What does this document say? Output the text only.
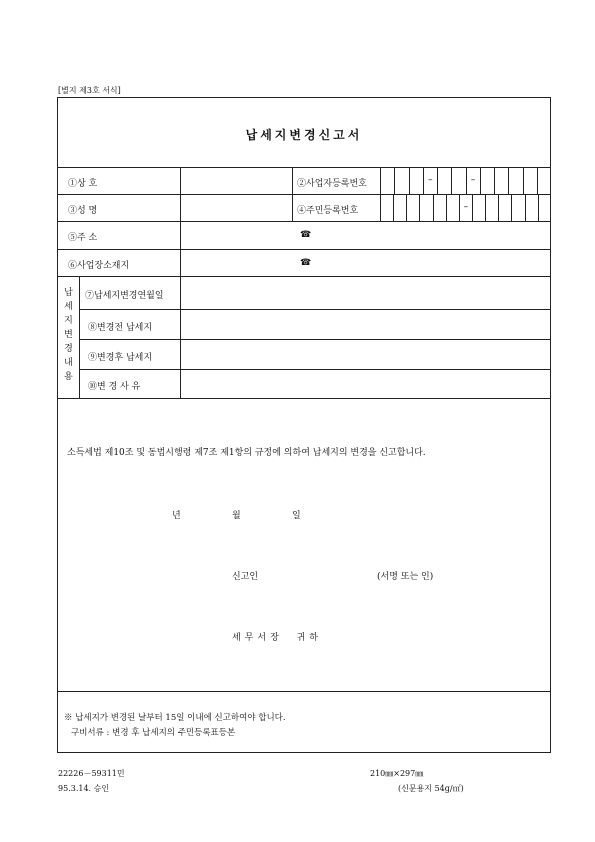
[별지 제3호 서식]
납세지변경신고서
①상 호	②사업자등록번호	–	–
③성 명	④주민등록번호	–
⑤주 소	☎
⑥사업장소재지	☎
납
세
지
변
경
내
용
⑦납세지변경연월일
⑧변경전 납세지
⑨변경후 납세지
⑩변 경 사 유
소득세법 제10조 및 동법시행령 제7조 제1항의 규정에 의하여 납세지의 변경을 신고합니다.
년	월	일
신고인	(서명 또는 인)
세무서장  귀하
※ 납세지가 변경된 날부터 15일 이내에 신고하여야 합니다.
구비서류 : 변경 후 납세지의 주민등록표등본
22226－59311민
95.3.14. 승인
210㎜×297㎜
(신문용지 54g/㎡)
